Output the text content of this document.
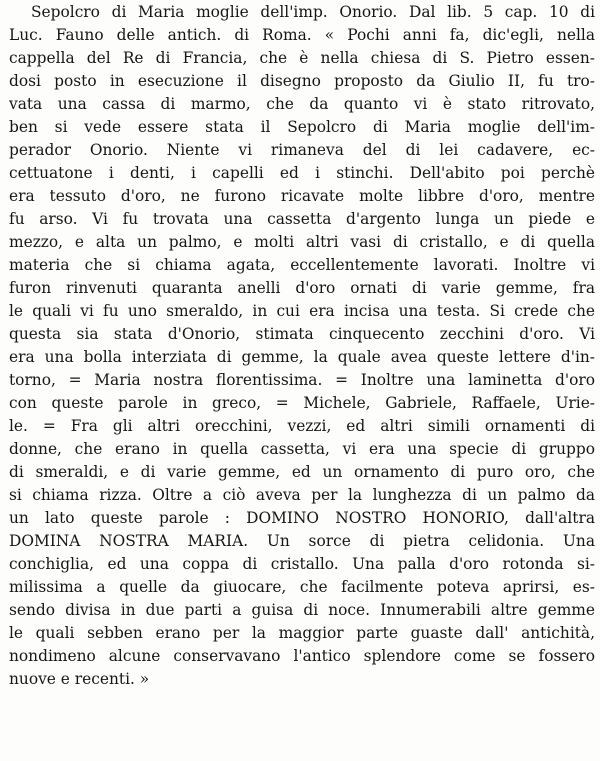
Sepolcro di Maria moglie dell'imp. Onorio. Dal lib. 5 cap. 10 di
Luc. Fauno delle antich. di Roma. « Pochi anni fa, dic'egli, nella
cappella del Re di Francia, che è nella chiesa di S. Pietro essen-
dosi posto in esecuzione il disegno proposto da Giulio II, fu tro-
vata una cassa di marmo, che da quanto vi è stato ritrovato,
ben si vede essere stata il Sepolcro di Maria moglie dell'im-
perador Onorio. Niente vi rimaneva del di lei cadavere, ec-
cettuatone i denti, i capelli ed i stinchi. Dell'abito poi perchè
era tessuto d'oro, ne furono ricavate molte libbre d'oro, mentre
fu arso. Vi fu trovata una cassetta d'argento lunga un piede e
mezzo, e alta un palmo, e molti altri vasi di cristallo, e di quella
materia che si chiama agata, eccellentemente lavorati. Inoltre vi
furon rinvenuti quaranta anelli d'oro ornati di varie gemme, fra
le quali vi fu uno smeraldo, in cui era incisa una testa. Si crede che
questa sia stata d'Onorio, stimata cinquecento zecchini d'oro. Vi
era una bolla interziata di gemme, la quale avea queste lettere d'in-
torno, = Maria nostra florentissima. = Inoltre una laminetta d'oro
con queste parole in greco, = Michele, Gabriele, Raffaele, Urie-
le. = Fra gli altri orecchini, vezzi, ed altri simili ornamenti di
donne, che erano in quella cassetta, vi era una specie di gruppo
di smeraldi, e di varie gemme, ed un ornamento di puro oro, che
si chiama rizza. Oltre a ciò aveva per la lunghezza di un palmo da
un lato queste parole : DOMINO NOSTRO HONORIO, dall'altra
DOMINA NOSTRA MARIA. Un sorce di pietra celidonia. Una
conchiglia, ed una coppa di cristallo. Una palla d'oro rotonda si-
milissima a quelle da giuocare, che facilmente poteva aprirsi, es-
sendo divisa in due parti a guisa di noce. Innumerabili altre gemme
le quali sebben erano per la maggior parte guaste dall' antichità,
nondimeno alcune conservavano l'antico splendore come se fossero
nuove e recenti. »
